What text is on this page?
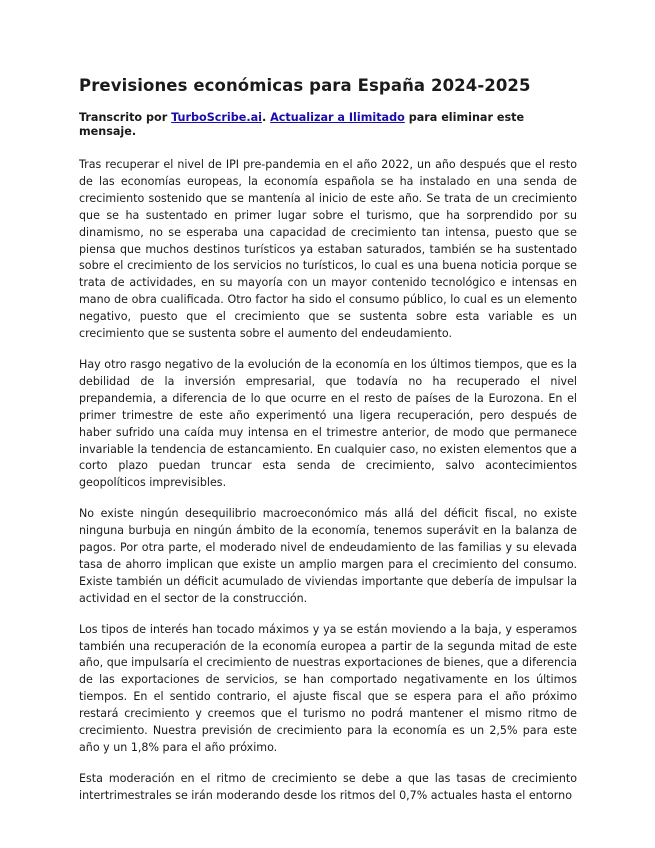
Previsiones económicas para España 2024-2025

Transcrito por TurboScribe.ai. Actualizar a Ilimitado para eliminar este mensaje.

Tras recuperar el nivel de IPI pre-pandemia en el año 2022, un año después que el resto de las economías europeas, la economía española se ha instalado en una senda de crecimiento sostenido que se mantenía al inicio de este año. Se trata de un crecimiento que se ha sustentado en primer lugar sobre el turismo, que ha sorprendido por su dinamismo, no se esperaba una capacidad de crecimiento tan intensa, puesto que se piensa que muchos destinos turísticos ya estaban saturados, también se ha sustentado sobre el crecimiento de los servicios no turísticos, lo cual es una buena noticia porque se trata de actividades, en su mayoría con un mayor contenido tecnológico e intensas en mano de obra cualificada. Otro factor ha sido el consumo público, lo cual es un elemento negativo, puesto que el crecimiento que se sustenta sobre esta variable es un crecimiento que se sustenta sobre el aumento del endeudamiento.

Hay otro rasgo negativo de la evolución de la economía en los últimos tiempos, que es la debilidad de la inversión empresarial, que todavía no ha recuperado el nivel prepandemia, a diferencia de lo que ocurre en el resto de países de la Eurozona. En el primer trimestre de este año experimentó una ligera recuperación, pero después de haber sufrido una caída muy intensa en el trimestre anterior, de modo que permanece invariable la tendencia de estancamiento. En cualquier caso, no existen elementos que a corto plazo puedan truncar esta senda de crecimiento, salvo acontecimientos geopolíticos imprevisibles.

No existe ningún desequilibrio macroeconómico más allá del déficit fiscal, no existe ninguna burbuja en ningún ámbito de la economía, tenemos superávit en la balanza de pagos. Por otra parte, el moderado nivel de endeudamiento de las familias y su elevada tasa de ahorro implican que existe un amplio margen para el crecimiento del consumo. Existe también un déficit acumulado de viviendas importante que debería de impulsar la actividad en el sector de la construcción.

Los tipos de interés han tocado máximos y ya se están moviendo a la baja, y esperamos también una recuperación de la economía europea a partir de la segunda mitad de este año, que impulsaría el crecimiento de nuestras exportaciones de bienes, que a diferencia de las exportaciones de servicios, se han comportado negativamente en los últimos tiempos. En el sentido contrario, el ajuste fiscal que se espera para el año próximo restará crecimiento y creemos que el turismo no podrá mantener el mismo ritmo de crecimiento. Nuestra previsión de crecimiento para la economía es un 2,5% para este año y un 1,8% para el año próximo.

Esta moderación en el ritmo de crecimiento se debe a que las tasas de crecimiento intertrimestrales se irán moderando desde los ritmos del 0,7% actuales hasta el entorno
